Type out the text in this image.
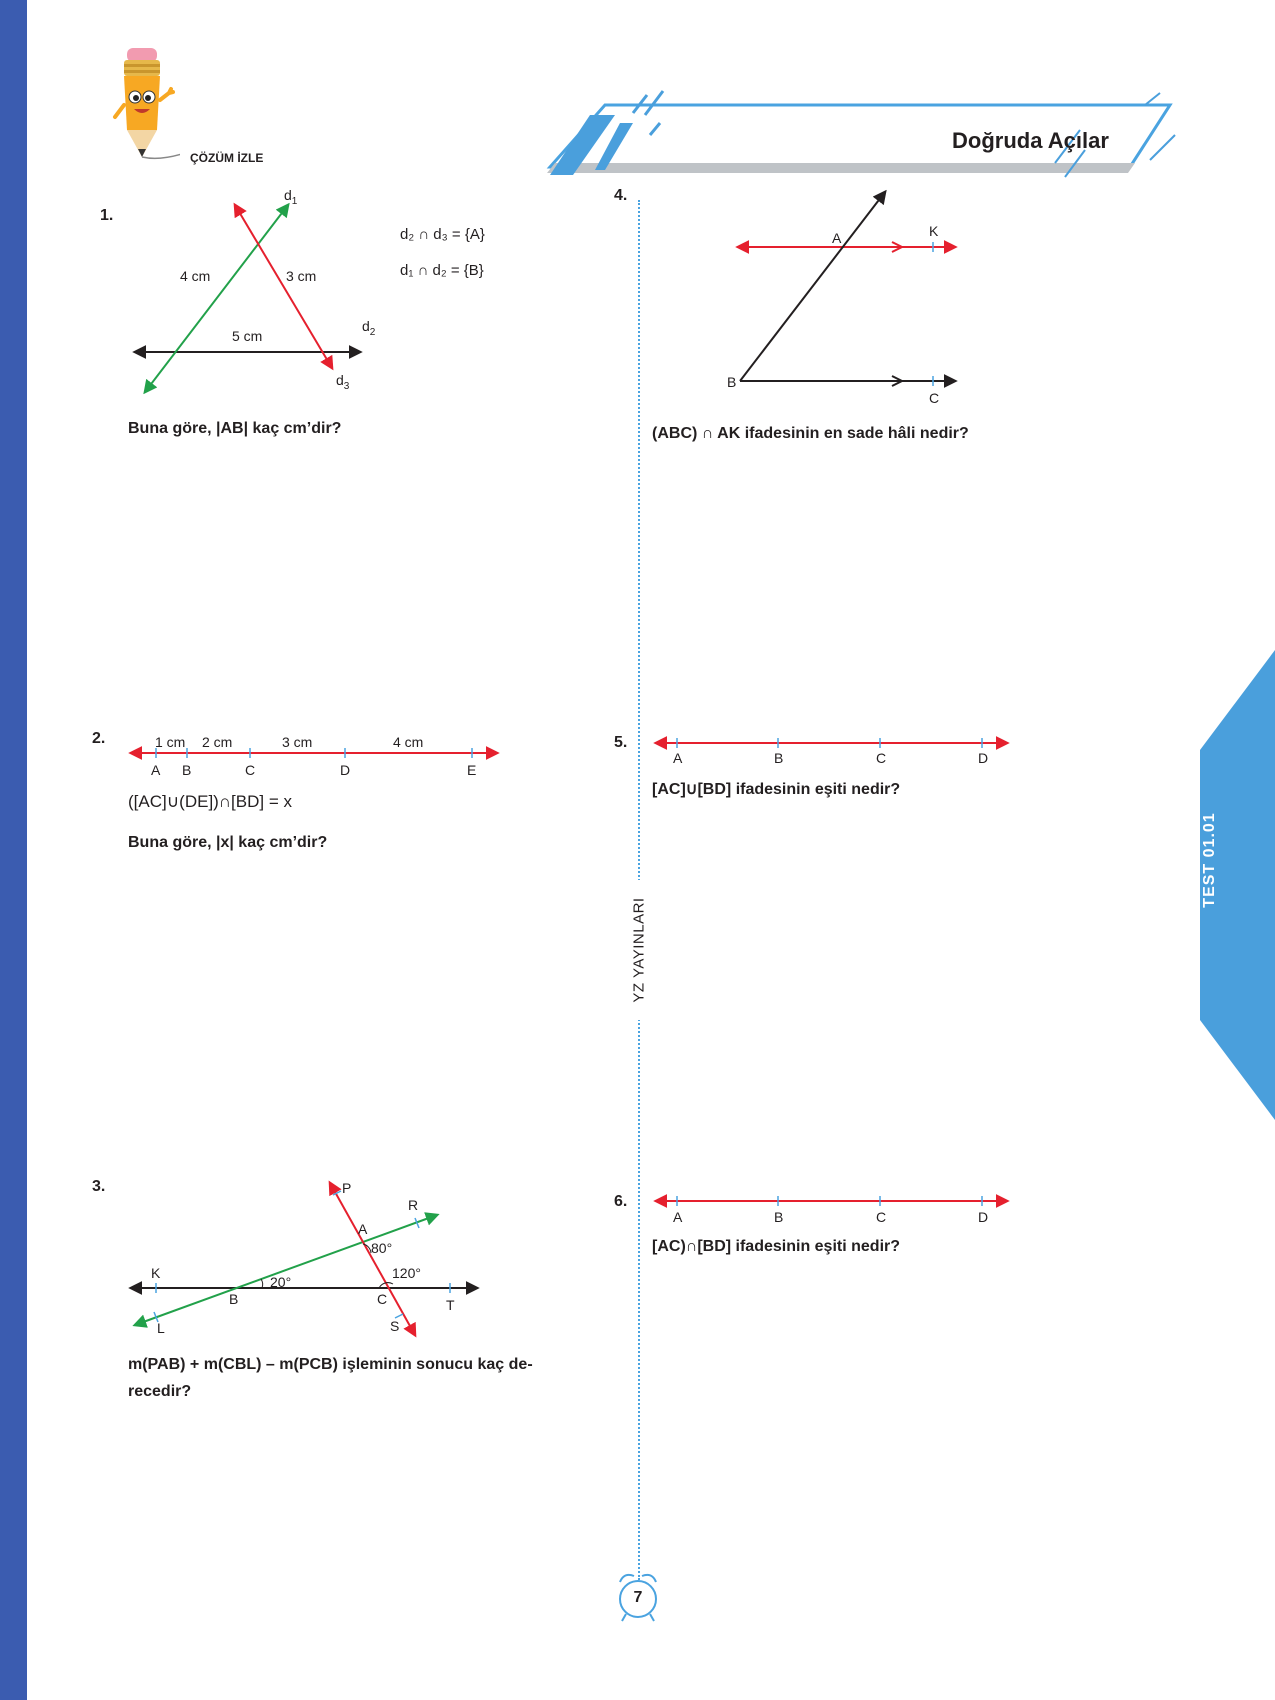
ÇÖZÜM İZLE
Doğruda Açılar
TEST 01.01
YZ YAYINLARI
7
1.
$d_1$
$d_2$
$d_3$
4 cm	3 cm
5 cm
d₂ ∩ d₃ = {A}
d₁ ∩ d₂ = {B}
Buna göre, |AB| kaç cm’dir?
2.	1 cm 2 cm	3 cm	4 cm
A B	C	D	E
([AC]∪(DE])∩[BD] = x
Buna göre, |x| kaç cm’dir?
3.	P
R
A
80°
K	120°
B
20°
C	T
L	S
m(PAB) + m(CBL) – m(PCB) işleminin sonucu kaç de-
recedir?
4.
A	K
B
C
(ABC) ∩ AK ifadesinin en sade hâli nedir?
5.
A	B	C	D
[AC]∪[BD] ifadesinin eşiti nedir?
6.
A	B	C	D
[AC)∩[BD] ifadesinin eşiti nedir?
